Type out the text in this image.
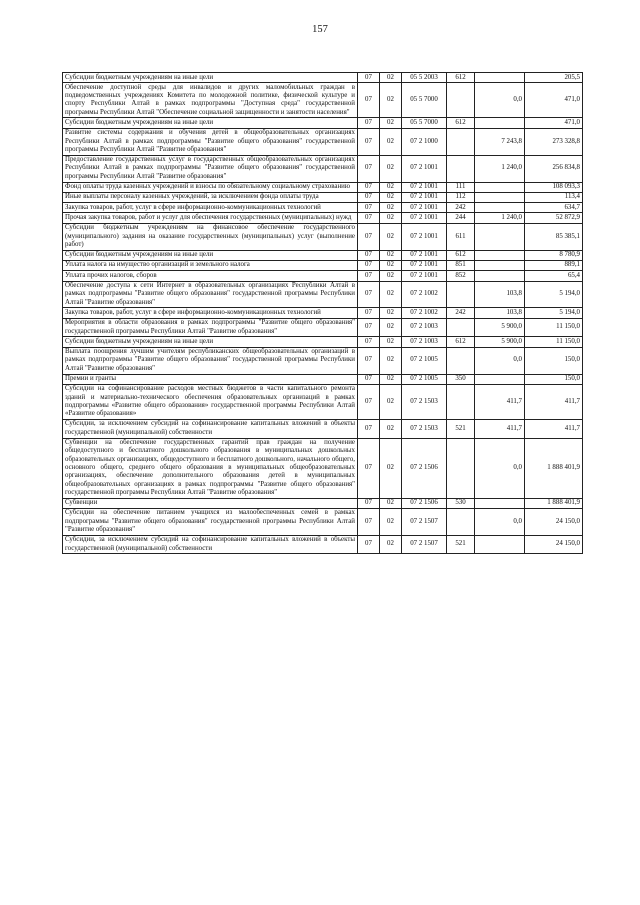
157
Субсидии бюджетным учреждениям на иные цели	07	02	05 5 2003	612		205,5
Обеспечение доступной среды для инвалидов и других маломобильных граждан в подведомственных учреждениях Комитета по молодежной политике, физической культуре и спорту Республики Алтай в рамках подпрограммы "Доступная среда" государственной программы Республики Алтай "Обеспечение социальной защищенности и занятости населения"	07	02	05 5 7000		0,0	471,0
Субсидии бюджетным учреждениям на иные цели	07	02	05 5 7000	612		471,0
Развитие системы содержания и обучения детей в общеобразовательных организациях Республики Алтай в рамках подпрограммы "Развитие общего образования" государственной программы Республики Алтай "Развитие образования"	07	02	07 2 1000		7 243,8	273 328,8
Предоставление государственных услуг в государственных общеобразовательных организациях Республики Алтай в рамках подпрограммы "Развитие общего образования" государственной программы Республики Алтай "Развитие образования"	07	02	07 2 1001		1 240,0	256 834,8
Фонд оплаты труда казенных учреждений и взносы по обязательному социальному страхованию	07	02	07 2 1001	111		108 093,3
Иные выплаты персоналу казенных учреждений, за исключением фонда оплаты труда	07	02	07 2 1001	112		113,4
Закупка товаров, работ, услуг в сфере информационно-коммуникационных технологий	07	02	07 2 1001	242		634,7
Прочая закупка товаров, работ и услуг для обеспечения государственных (муниципальных) нужд	07	02	07 2 1001	244	1 240,0	52 872,9
Субсидии бюджетным учреждениям на финансовое обеспечение государственного (муниципального) задания на оказание государственных (муниципальных) услуг (выполнение работ)	07	02	07 2 1001	611		85 385,1
Субсидии бюджетным учреждениям на иные цели	07	02	07 2 1001	612		8 780,9
Уплата налога на имущество организаций и земельного налога	07	02	07 2 1001	851		889,1
Уплата прочих налогов, сборов	07	02	07 2 1001	852		65,4
Обеспечение доступа к сети Интернет в образовательных организациях Республики Алтай в рамках подпрограммы "Развитие общего образования" государственной программы Республики Алтай "Развитие образования"	07	02	07 2 1002		103,8	5 194,0
Закупка товаров, работ, услуг в сфере информационно-коммуникационных технологий	07	02	07 2 1002	242	103,8	5 194,0
Мероприятия в области образования в рамках подпрограммы "Развитие общего образования" государственной программы Республики Алтай "Развитие образования"	07	02	07 2 1003		5 900,0	11 150,0
Субсидии бюджетным учреждениям на иные цели	07	02	07 2 1003	612	5 900,0	11 150,0
Выплата поощрения лучшим учителям республиканских общеобразовательных организаций в рамках подпрограммы "Развитие общего образования" государственной программы Республики Алтай "Развитие образования"	07	02	07 2 1005		0,0	150,0
Премии и гранты	07	02	07 2 1005	350		150,0
Субсидии на софинансирование расходов местных бюджетов в части капитального ремонта зданий и материально-технического обеспечения образовательных организаций в рамках подпрограммы «Развитие общего образования» государственной программы Республики Алтай «Развитие образования»	07	02	07 2 1503		411,7	411,7
Субсидии, за исключением субсидий на софинансирование капитальных вложений в объекты государственной (муниципальной) собственности	07	02	07 2 1503	521	411,7	411,7
Субвенции на обеспечение государственных гарантий прав граждан на получение общедоступного и бесплатного дошкольного образования в муниципальных дошкольных образовательных организациях, общедоступного и бесплатного дошкольного, начального общего, основного общего, среднего общего образования в муниципальных общеобразовательных организациях, обеспечение дополнительного образования детей в муниципальных общеобразовательных организациях в рамках подпрограммы "Развитие общего образования" государственной программы Республики Алтай "Развитие образования"	07	02	07 2 1506		0,0	1 888 401,9
Субвенции	07	02	07 2 1506	530		1 888 401,9
Субсидии на обеспечение питанием учащихся из малообеспеченных семей в рамках подпрограммы "Развитие общего образования" государственной программы Республики Алтай "Развитие образования"	07	02	07 2 1507		0,0	24 150,0
Субсидии, за исключением субсидий на софинансирование капитальных вложений в объекты государственной (муниципальной) собственности	07	02	07 2 1507	521		24 150,0
